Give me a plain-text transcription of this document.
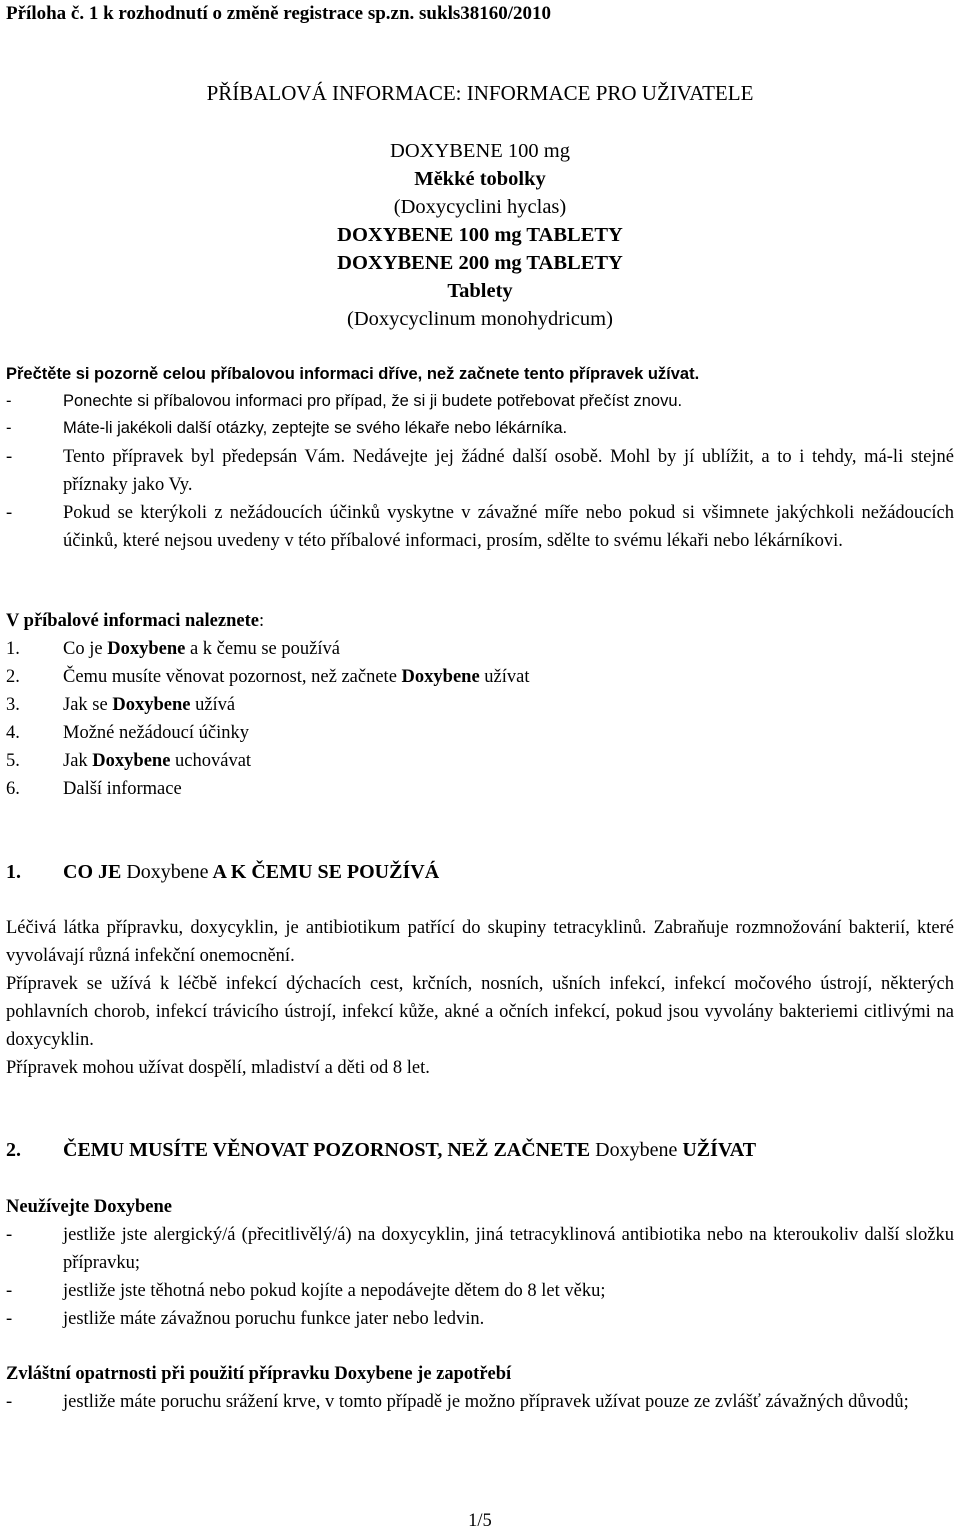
Příloha č. 1 k rozhodnutí o změně registrace sp.zn. sukls38160/2010
PŘÍBALOVÁ INFORMACE: INFORMACE PRO UŽIVATELE
DOXYBENE 100 mg
Měkké tobolky
(Doxycyclini hyclas)
DOXYBENE 100 mg TABLETY
DOXYBENE 200 mg TABLETY
Tablety
(Doxycyclinum monohydricum)
Přečtěte si pozorně celou příbalovou informaci dříve, než začnete tento přípravek užívat.
-	Ponechte si příbalovou informaci pro případ, že si ji budete potřebovat přečíst znovu.
-	Máte-li jakékoli další otázky, zeptejte se svého lékaře nebo lékárníka.
-	Tento přípravek byl předepsán Vám. Nedávejte jej žádné další osobě. Mohl by jí ublížit, a to i tehdy, má-li stejné příznaky jako Vy.
-	Pokud se kterýkoli z nežádoucích účinků vyskytne v závažné míře nebo pokud si všimnete jakýchkoli nežádoucích účinků, které nejsou uvedeny v této příbalové informaci, prosím, sdělte to svému lékaři nebo lékárníkovi.
V příbalové informaci naleznete:
1.	Co je Doxybene a k čemu se používá
2.	Čemu musíte věnovat pozornost, než začnete Doxybene užívat
3.	Jak se Doxybene užívá
4.	Možné nežádoucí účinky
5.	Jak Doxybene uchovávat
6.	Další informace
1.	CO JE Doxybene A K ČEMU SE POUŽÍVÁ
Léčivá látka přípravku, doxycyklin, je antibiotikum patřící do skupiny tetracyklinů. Zabraňuje rozmnožování bakterií, které vyvolávají různá infekční onemocnění.
Přípravek se užívá k léčbě infekcí dýchacích cest, krčních, nosních, ušních infekcí, infekcí močového ústrojí, některých pohlavních chorob, infekcí trávicího ústrojí, infekcí kůže, akné a očních infekcí, pokud jsou vyvolány bakteriemi citlivými na doxycyklin.
Přípravek mohou užívat dospělí, mladiství a děti od 8 let.
2.	ČEMU MUSÍTE VĚNOVAT POZORNOST, NEŽ ZAČNETE Doxybene UŽÍVAT
Neužívejte Doxybene
-	jestliže jste alergický/á (přecitlivělý/á) na doxycyklin, jiná tetracyklinová antibiotika nebo na kteroukoliv další složku přípravku;
-	jestliže jste těhotná nebo pokud kojíte a nepodávejte dětem do 8 let věku;
-	jestliže máte závažnou poruchu funkce jater nebo ledvin.
Zvláštní opatrnosti při použití přípravku Doxybene je zapotřebí
-	jestliže máte poruchu srážení krve, v tomto případě je možno přípravek užívat pouze ze zvlášť závažných důvodů;
1/5
